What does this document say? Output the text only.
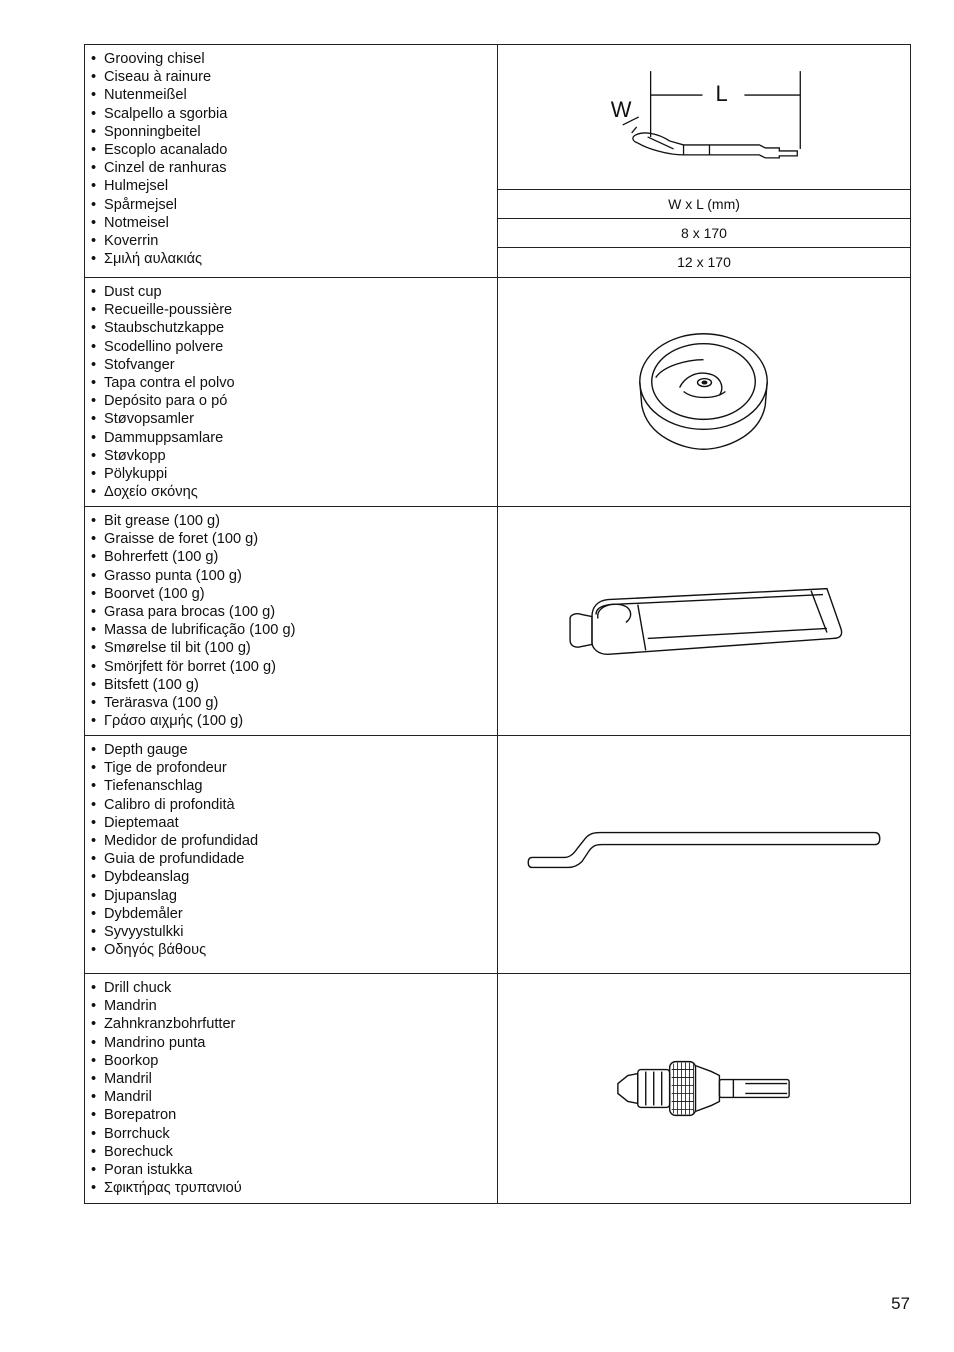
• Grooving chisel
• Ciseau à rainure
• Nutenmeißel
• Scalpello a sgorbia
• Sponningbeitel
• Escoplo acanalado
• Cinzel de ranhuras
• Hulmejsel
• Spårmejsel
• Notmeisel
• Koverrin
• Σμιλή αυλακιάς
W
L
W x L (mm)
8 x 170
12 x 170
• Dust cup
• Recueille-poussière
• Staubschutzkappe
• Scodellino polvere
• Stofvanger
• Tapa contra el polvo
• Depósito para o pó
• Støvopsamler
• Dammuppsamlare
• Støvkopp
• Pölykuppi
• Δοχείο σκόνης
• Bit grease (100 g)
• Graisse de foret (100 g)
• Bohrerfett (100 g)
• Grasso punta (100 g)
• Boorvet (100 g)
• Grasa para brocas (100 g)
• Massa de lubrificação (100 g)
• Smørelse til bit (100 g)
• Smörjfett för borret (100 g)
• Bitsfett (100 g)
• Terärasva (100 g)
• Γράσο αιχμής (100 g)
• Depth gauge
• Tige de profondeur
• Tiefenanschlag
• Calibro di profondità
• Dieptemaat
• Medidor de profundidad
• Guia de profundidade
• Dybdeanslag
• Djupanslag
• Dybdemåler
• Syvyystulkki
• Οδηγός βάθους
• Drill chuck
• Mandrin
• Zahnkranzbohrfutter
• Mandrino punta
• Boorkop
• Mandril
• Mandril
• Borepatron
• Borrchuck
• Borechuck
• Poran istukka
• Σφικτήρας τρυπανιού
57
